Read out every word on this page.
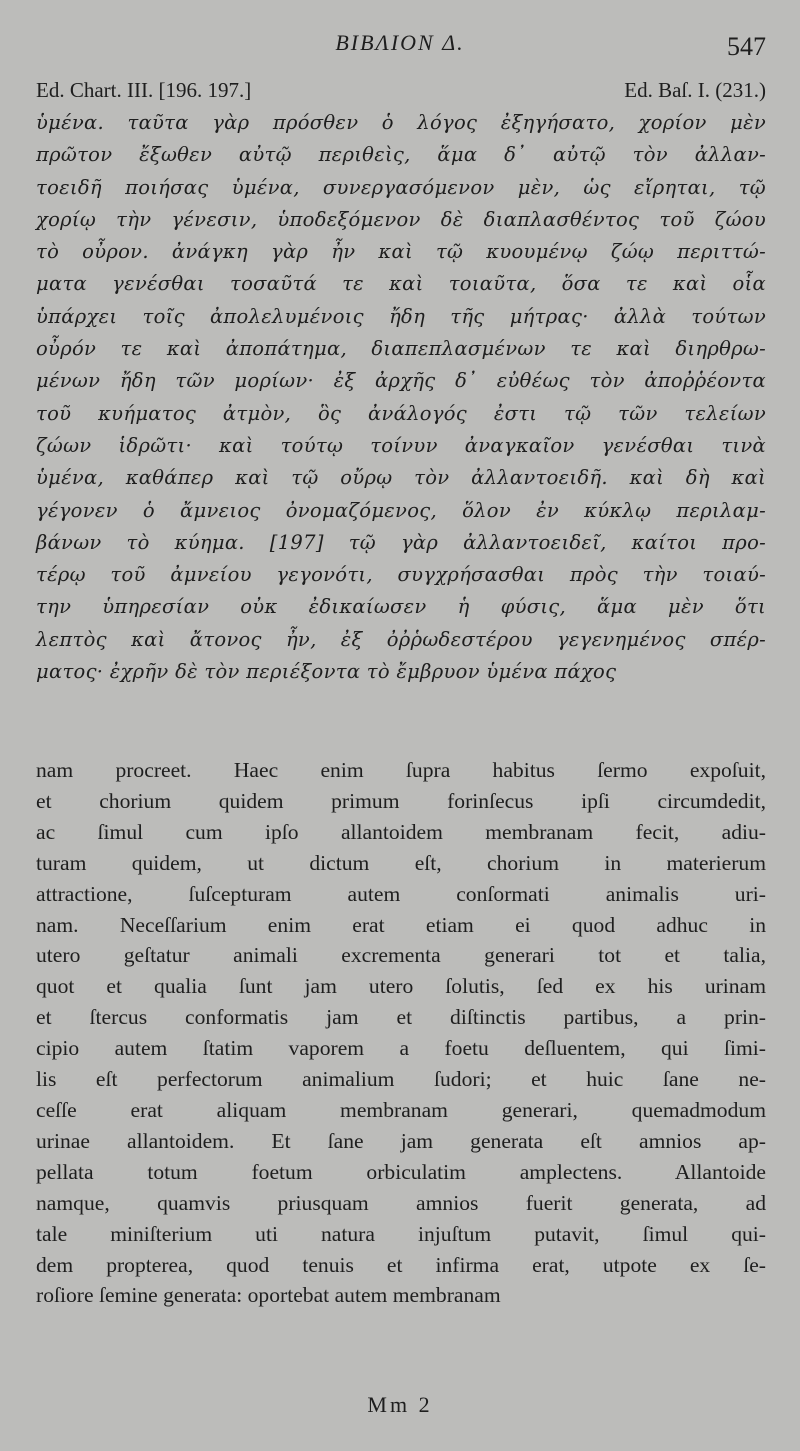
BIBΛION Δ.	547
Ed. Chart. III. [196. 197.]	Ed. Baſ. I. (231.)
ὑμένα. ταῦτα γὰρ πρόσθεν ὁ λόγος ἐξηγήσατο, χορίον μὲν
πρῶτον ἔξωθεν αὐτῷ περιθεὶς, ἅμα δ᾽ αὐτῷ τὸν ἀλλαν-
τοειδῆ ποιήσας ὑμένα, συνεργασόμενον μὲν, ὡς εἴρηται, τῷ
χορίῳ τὴν γένεσιν, ὑποδεξόμενον δὲ διαπλασθέντος τοῦ ζώου
τὸ οὖρον. ἀνάγκη γὰρ ἦν καὶ τῷ κυουμένῳ ζώῳ περιττώ-
ματα γενέσθαι τοσαῦτά τε καὶ τοιαῦτα, ὅσα τε καὶ οἷα
ὑπάρχει τοῖς ἀπολελυμένοις ἤδη τῆς μήτρας· ἀλλὰ τούτων
οὖρόν τε καὶ ἀποπάτημα, διαπεπλασμένων τε καὶ διηρθρω-
μένων ἤδη τῶν μορίων· ἐξ ἀρχῆς δ᾽ εὐθέως τὸν ἀποῤῥέοντα
τοῦ κυήματος ἀτμὸν, ὃς ἀνάλογός ἐστι τῷ τῶν τελείων
ζώων ἱδρῶτι· καὶ τούτῳ τοίνυν ἀναγκαῖον γενέσθαι τινὰ
ὑμένα, καθάπερ καὶ τῷ οὔρῳ τὸν ἀλλαντοειδῆ. καὶ δὴ καὶ
γέγονεν ὁ ἄμνειος ὀνομαζόμενος, ὅλον ἐν κύκλῳ περιλαμ-
βάνων τὸ κύημα. [197] τῷ γὰρ ἀλλαντοειδεῖ, καίτοι προ-
τέρῳ τοῦ ἀμνείου γεγονότι, συγχρήσασθαι πρὸς τὴν τοιαύ-
την ὑπηρεσίαν οὐκ ἐδικαίωσεν ἡ φύσις, ἅμα μὲν ὅτι
λεπτὸς καὶ ἄτονος ἦν, ἐξ ὀῤῥωδεστέρου γεγενημένος σπέρ-
ματος· ἐχρῆν δὲ τὸν περιέξοντα τὸ ἔμβρυον ὑμένα πάχος
nam procreet. Haec enim ſupra habitus ſermo expoſuit,
et chorium quidem primum forinſecus ipſi circumdedit,
ac ſimul cum ipſo allantoidem membranam fecit, adiu-
turam quidem, ut dictum eſt, chorium in materierum
attractione, ſuſcepturam autem conſormati animalis uri-
nam. Neceſſarium enim erat etiam ei quod adhuc in
utero geſtatur animali excrementa generari tot et talia,
quot et qualia ſunt jam utero ſolutis, ſed ex his urinam
et ſtercus conformatis jam et diſtinctis partibus, a prin-
cipio autem ſtatim vaporem a foetu deſluentem, qui ſimi-
lis eſt perfectorum animalium ſudori; et huic ſane ne-
ceſſe erat aliquam membranam generari, quemadmodum
urinae allantoidem. Et ſane jam generata eſt amnios ap-
pellata totum foetum orbiculatim amplectens. Allantoide
namque, quamvis priusquam amnios fuerit generata, ad
tale miniſterium uti natura injuſtum putavit, ſimul qui-
dem propterea, quod tenuis et infirma erat, utpote ex ſe-
roſiore ſemine generata: oportebat autem membranam
Mm 2
